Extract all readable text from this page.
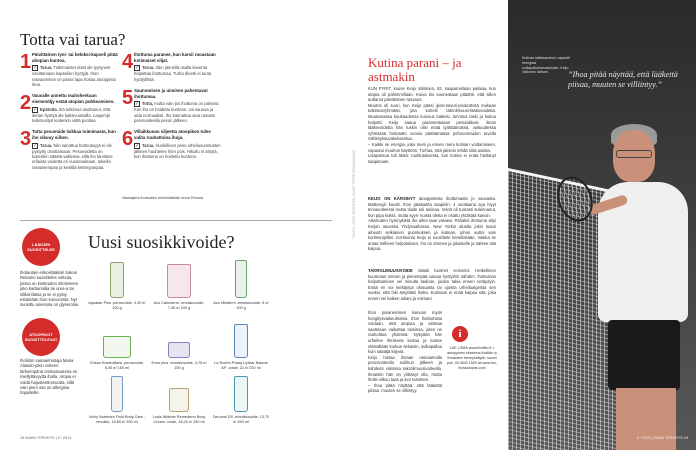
Totta vai tarua?
1 Päivittäinen tyni- tai heloksi-kapseli pitää ahopian kuntoa.
✓ Tarua. Tutkimukset eivät ole tyytyneet osoittamaan kapselien hyötyjä. Ihon rasvaaminen on paras tapa hoitaa atooppista ihoa.
2 Vauvalle annettu maitoherkuan siemenöljy estää atopian puhkeamisen.
✓ Epätotta. Ikä tutkimus osoittanut, että dietan hyötyä ale kaksivuotiailla. Laajempi tutkimustyö kuitenkin viittä puoltaa.
3 Tutta pesuvoide laikkaa toimimasta, kun iho vikuuy siihen.
✓ Tarua. Niin sanottua hottoutuyyä ei ole pystytty osoittamaan. Pesuvoidetta on kuitenkin säästä valitessa, sillä iho tarvitsee erilaista voidetta eri vuodenaikaan, talvella rasvaisempaa ja kesällä ketteryampaa.
4 Ihottuma paranee, kun karsii ruoastaan kotimaiset viljat.
✓ Tarua. Iden jännellä osalla kaventa helpottaa ihottumaa. Turha dieetti ei tuota hyödyllistä.
5 Saunominen ja uiminen pahentavat ihottumaa.
✓ Totta, mutta vain jos ihottuma on pahana. Kun iho on hoidettu kuntoon, voi saunoa ja uida normaalisti. Iho kannattaa aina rasvata perusvoiteella pesun jälkeen.
6 Villaikkunan siljeetta atoopikon tulee valita ruuhattoina ihoja.
✓ Tarua. Huolellinen pesu urheilusuoritusten jälkeen huuhtelee hien pois. Hikoilu ei ärsytä, kun ihottuma on hoidettu kuntoon.
Vastaajina ihotautien erikoislääkäri Anna Renola.
Uusi suosikkivoide?
LÄÄKÄRI SUOSITTELEE
Ihotautien erikoislääkäri Sakari Reitamo suosittelee voiteita, joissa on kosteuden sitomiseen joko karbamidia tai urea-a tai silikonitäsia ja se ei pysty estämään ihon kuivumista. Nyt suosittu ainesosa on glyseroliia.
ATOOPIKOT SUOSITTELEVAT
Iholiiton sairaanhoitaja Maria Alasalo-jokin voiteen tärkeimpänä ominaisuutena on miellyttävyyttä iholla. Atopia ei voidä hajusteettomuutta, sillä vain pieni osa on allergisia hajusteille.
Aquatan Plus -perusvoide, 4,30 e/ 100 g
Aco Canederm -emulsiovoide, 7,40 e/ 100 g
Aco Minderm -emulsiovoide, 8 e/ 100 g
Erisan Kosteuttava -perusvoide, 5,35 e/ 150 ml
Eveo plus -emulsiovoide, 4,75 e/ 150 g
La Roche-Posay Lipikar Baume AP -voide, 22 e/ 200 ml
Vichy Nutrextra Fluid Body Care -emulsio, 16,80 e/ 200 ml
Louis Widmer Remederm Body Cream -voide, 18,20 e/ 250 ml
Decubal DS -emulsiovoide, 13,70 e/ 450 ml
28 AVAIN TERVEYS | 5 / 2013
TEKSTI: VIRVE HEIKKINEN, KUVAT: TEPPO NISKAKANGAS
Kutina parani – ja astmakin

KUN PYRIT, kuuse Keijo Valtonen, 62, saapumistaan pakkaa, kun atopia oli pahimmillaan. Kuiva iho suonestaan pitäähti, että sillen auttanut päivittäinen rasvaus.

Muutos oli suuri, kun Keijo pääsi iposi-toivuri-pookottosä mukaan tutkimusryhmään, jota koheili takrolimuusi-lääkevoidetta. Muutamassa kuukaudessa kuivuus katkesi, turvotus laski ja kutina helpotti. Keijo saaua parannettuiaan pesulakkusi- ilman lääkevoidetta hän tuskin olisi enää työtätämässä, vaikuuttessa ryhmässä hoitotutto vuosia päättämässä pohuonmaidon tuvella Sähköyksuvakeksenlua.

– Kaikki se energia, joka meni ja ennen meni kutinan voittamiseen, vapautui muuhun käyttöön. Turhaa, että jaksoin tehdä niitä asioita.

Lisäpoksua tuli tästä: ruuhlutuksesta, kun kutina ei enää hieltänyt saapimaan.

KEIJO ON KÄRSINYT atooppisesta ihottumasta jo vauvasta. Mattoruyti kuvalt. Ihon päälaasta saapiriin. 4 vuotiaana aya löyyt tervavoiteesta mutta tiiaite tuli asiinaa. Voinit oli tuorasti sulennanut, kun pipa kukkii, mutta syys- kuista oletta ei osattu yhdistää kavuin.

Atkoituden hymnykistä iho aikoi taas vaivata. Pahaksi ihottuma äityi Keijon asuessa Yhdysvalloissa. New Yorkin aluelta jokin kasui aiheutti selkiainen puonkuksen ja kutinan, johon auttoi vain kortisonipilleri. Kortisonia Keijo ei suosittele kenellekään. Vaikka se antaa helkeen helpotuksen, iho on ohenee ja jokaiselle ja särkee sitä kaipua.

TAKROLIMUUSIVOIDE säästi luonnet verivelot. Hetkellinen kuumotus ontoen ja pienempää vaivaa hyötyihin nähden. Ihottuman helpottaminen vei minulta tiedoon, joiden takia ennen vetäydyin. Enää en voi kieltäytyä olosuasta tai ujoista urheilualgeista sen vuoksi, että hiki ärsyttäisi iholta. Kutinaan ei enää kaipaa sitä, joka ennen vei kaiken aikani ja voimani.

Ihon paranemisen kasvoin myös hengitysvaikeuksissa. Ihon ihottumista voidaan, että atopiaa ja astmaa saatetaan vaikuttaa toisiinsa, joten ne rauhoittua yhdessä. Nykyään hän urheilee ihmisenä kertaa ja tuntee elämällään kurkun sekaisin, sulkapalloa kuin säätäjä käyviä.

Keijo hoitaa ihoaan rasvaamalla perusvoiteella suihkun jälkeen ja kahdesti viikossa takrolimuusivoiteella. Ilmankin hän on yrittänyt olla, mutta iholle vilkuu taas ja sen tarvitsee.

– Ihoa pitää nöyttää, että lääkettä piisaa, muuten se villiintyy.

i
LUE LISÄÄ www.iholiitto.fi > atooppinen ekseema Iholiitto ry Ihotautien terveyskäynti, suomi puh. 09 4542 1520 tai www.iho-ihotautiopas.com
Kutinan laikkaaminen vapautti energiaa sulkapalloharrastuksiin, Keijo Valtonen iloitsee.	”Ihoa pitää näyttää, että lääkettä piisaa, muuten se villiintyy.”
5 / 2013 | AVAIN TERVEYS 29
